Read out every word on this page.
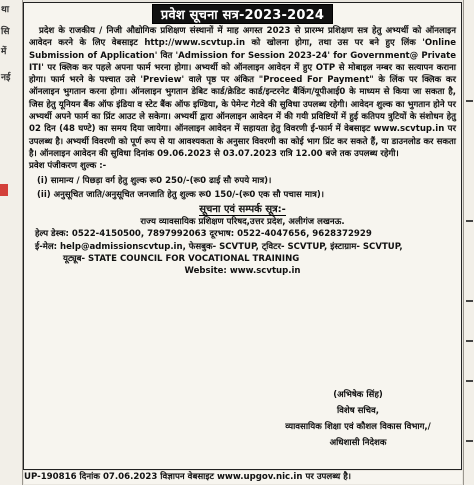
था
सि
में
नई
प्रवेश सूचना सत्र-2023-2024

प्रदेश के राजकीय / निजी औद्योगिक प्रशिक्षण संस्थानों में माह अगस्त 2023 से प्रारम्भ प्रशिक्षण सत्र हेतु अभ्यर्थी को ऑनलाइन आवेदन करने के लिए वेबसाइट http://www.scvtup.in को खोलना होगा, तथा उस पर बने हुए लिंक 'Online Submission of Application' वित 'Admission for Session 2023-24' for Government@ Private ITI' पर क्लिक कर पहले अपना फार्म भरना होगा। अभ्यर्थी को ऑनलाइन आवेदन में हुए OTP से मोबाइल नम्बर का सत्यापन कराना होगा। फार्म भरने के पश्चात उसे 'Preview' वाले पृष्ठ पर अंकित "Proceed For Payment" के लिंक पर क्लिक कर ऑनलाइन भुगतान करना होगा। ऑनलाइन भुगतान डेबिट कार्ड/क्रेडिट कार्ड/इन्टरनेट बैंकिंग/यूपीआई0 के माध्यम से किया जा सकता है, जिस हेतु यूनियन बैंक ऑफ इंडिया व स्टेट बैंक ऑफ इण्डिया, के पेमेन्ट गेटवे की सुविधा उपलब्ध रहेगी। आवेदन शुल्क का भुगतान होने पर अभ्यर्थी अपने फार्म का प्रिंट आउट ले सकेगा। अभ्यर्थी द्वारा ऑनलाइन आवेदन में की गयी प्रविष्टियों में हुई कतिपय त्रुटियों के संशोधन हेतु 02 दिन (48 घण्टे) का समय दिया जायेगा। ऑनलाइन आवेदन में सहायता हेतु विवरणी ई-फार्म में वेबसाइट www.scvtup.in पर उपलब्ध है। अभ्यर्थी विवरणी को पूर्ण रूप से या आवश्यकता के अनुसार विवरणी का कोई भाग प्रिंट कर सकते हैं, या डाउनलोड कर सकता है। ऑनलाइन आवेदन की सुविधा दिनांक 09.06.2023 से 03.07.2023 रात्रि 12.00 बजे तक उपलब्ध रहेगी।

प्रवेश पंजीकरण शुल्क :-

(i) सामान्य / पिछड़ा वर्ग हेतु शुल्क रू0 250/-(रू0 ढाई सौ रुपये मात्र)।

(ii) अनुसूचित जाति/अनुसूचित जनजाति हेतु शुल्क रू0 150/-(रू0 एक सौ पचास मात्र)।

सूचना एवं सम्पर्क सूत्र:-

राज्य व्यावसायिक प्रशिक्षण परिषद,उत्तर प्रदेश, अलीगंज लखनऊ.

हेल्प डेस्क: 0522-4150500, 7897992063 दूरभाष: 0522-4047656, 9628372929

ई-मेल: help@admissionscvtup.in, फेसबुक- SCVTUP, ट्विटर- SCVTUP, इंस्टाग्राम- SCVTUP,

यूट्यूब- STATE COUNCIL FOR VOCATIONAL TRAINING

Website: www.scvtup.in

(अभिषेक सिंह)
विशेष सचिव,
व्यावसायिक शिक्षा एवं कौशल विकास विभाग,/
अधिशासी निदेशक
UP-190816 दिनांक 07.06.2023 विज्ञापन वेबसाइट www.upgov.nic.in पर उपलब्ध है।
